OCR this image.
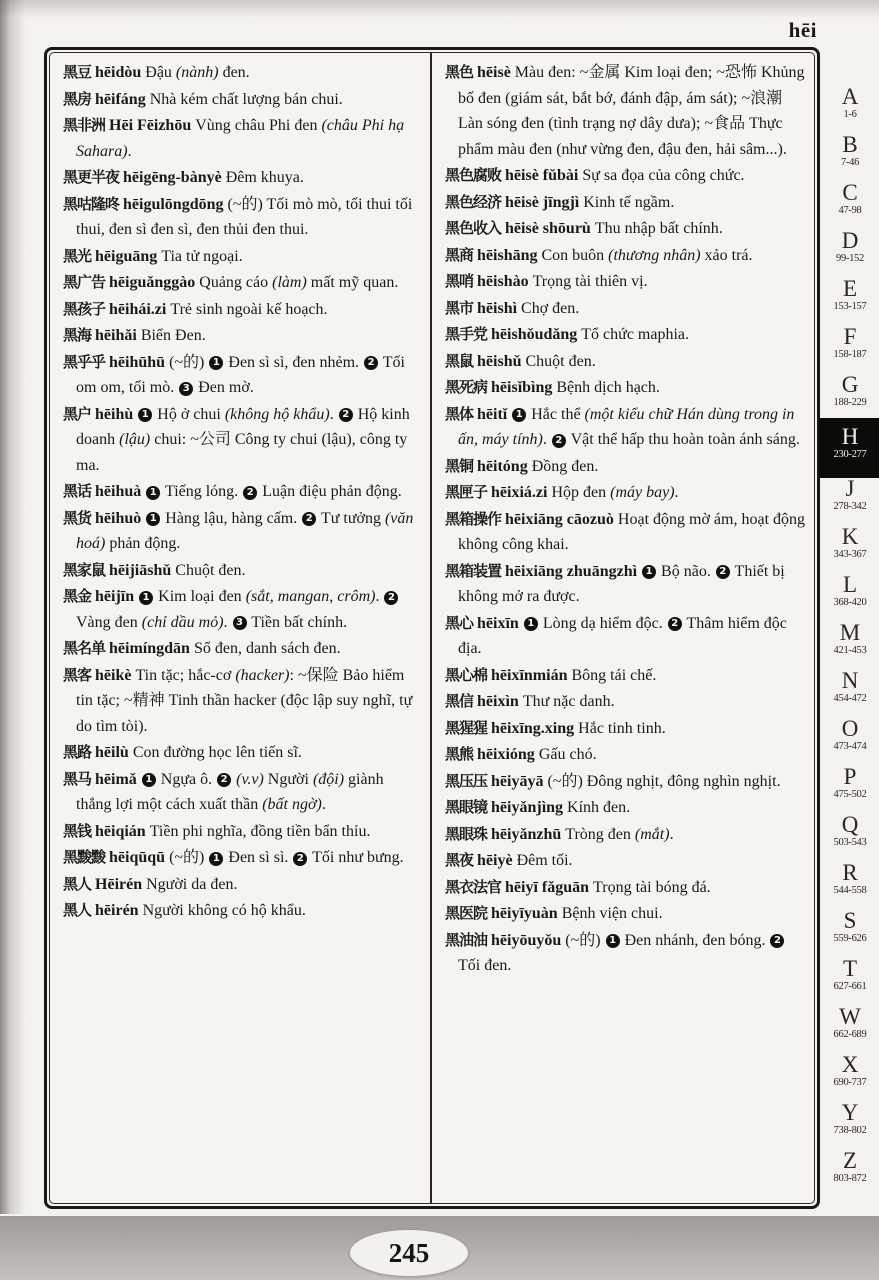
hēi
黑豆 hēidòu Đậu (nành) đen.
黑房 hēifáng Nhà kém chất lượng bán chui.
黑非洲 Hēi Fēizhōu Vùng châu Phi đen (châu Phi hạ Sahara).
黑更半夜 hēigēng-bànyè Đêm khuya.
黑咕隆咚 hēigulōngdōng (~的) Tối mò mò, tối thui tối thui, đen sì đen sì, đen thủi đen thui.
黑光 hēiguāng Tia tử ngoại.
黑广告 hēiguǎnggào Quảng cáo (làm) mất mỹ quan.
黑孩子 hēihái.zi Trẻ sinh ngoài kế hoạch.
黑海 hēihǎi Biển Đen.
黑乎乎 hēihūhū (~的) 1 Đen sì sì, đen nhẻm. 2 Tối om om, tối mò. 3 Đen mờ.
黑户 hēihù 1 Hộ ở chui (không hộ khẩu). 2 Hộ kinh doanh (lậu) chui: ~公司 Công ty chui (lậu), công ty ma.
黑话 hēihuà 1 Tiếng lóng. 2 Luận điệu phản động.
黑货 hēihuò 1 Hàng lậu, hàng cấm. 2 Tư tưởng (văn hoá) phản động.
黑家鼠 hēijiāshǔ Chuột đen.
黑金 hēijīn 1 Kim loại đen (sắt, mangan, crôm). 2 Vàng đen (chỉ dầu mỏ). 3 Tiền bất chính.
黑名单 hēimíngdān Sổ đen, danh sách đen.
黑客 hēikè Tin tặc; hắc-cơ (hacker): ~保险 Bảo hiểm tin tặc; ~精神 Tinh thần hacker (độc lập suy nghĩ, tự do tìm tòi).
黑路 hēilù Con đường học lên tiến sĩ.
黑马 hēimǎ 1 Ngựa ô. 2 (v.v) Người (đội) giành thắng lợi một cách xuất thần (bất ngờ).
黑钱 hēiqián Tiền phi nghĩa, đồng tiền bẩn thỉu.
黑黢黢 hēiqūqū (~的) 1 Đen sì sì. 2 Tối như bưng.
黑人 Hēirén Người da đen.
黑人 hēirén Người không có hộ khẩu.
黑色 hēisè Màu đen: ~金属 Kim loại đen; ~恐怖 Khủng bố đen (giám sát, bắt bớ, đánh đập, ám sát); ~浪潮 Làn sóng đen (tình trạng nợ dây dưa); ~食品 Thực phẩm màu đen (như vừng đen, đậu đen, hải sâm...).
黑色腐败 hēisè fǔbài Sự sa đọa của công chức.
黑色经济 hēisè jīngjì Kinh tế ngầm.
黑色收入 hēisè shōurù Thu nhập bất chính.
黑商 hēishāng Con buôn (thương nhân) xảo trá.
黑哨 hēishào Trọng tài thiên vị.
黑市 hēishì Chợ đen.
黑手党 hēishǒudǎng Tổ chức maphia.
黑鼠 hēishǔ Chuột đen.
黑死病 hēisǐbìng Bệnh dịch hạch.
黑体 hēitǐ 1 Hắc thể (một kiểu chữ Hán dùng trong in ấn, máy tính). 2 Vật thể hấp thu hoàn toàn ánh sáng.
黑铜 hēitóng Đồng đen.
黑匣子 hēixiá.zi Hộp đen (máy bay).
黑箱操作 hēixiāng cāozuò Hoạt động mờ ám, hoạt động không công khai.
黑箱装置 hēixiāng zhuāngzhì 1 Bộ não. 2 Thiết bị không mở ra được.
黑心 hēixīn 1 Lòng dạ hiểm độc. 2 Thâm hiểm độc địa.
黑心棉 hēixīnmián Bông tái chế.
黑信 hēixìn Thư nặc danh.
黑猩猩 hēixīng.xing Hắc tinh tinh.
黑熊 hēixióng Gấu chó.
黑压压 hēiyāyā (~的) Đông nghịt, đông nghìn nghịt.
黑眼镜 hēiyǎnjìng Kính đen.
黑眼珠 hēiyǎnzhū Tròng đen (mắt).
黑夜 hēiyè Đêm tối.
黑衣法官 hēiyī fǎguān Trọng tài bóng đá.
黑医院 hēiyīyuàn Bệnh viện chui.
黑油油 hēiyōuyǒu (~的) 1 Đen nhánh, đen bóng. 2 Tối đen.
A
1-6
B
7-46
C
47-98
D
99-152
E
153-157
F
158-187
G
188-229
H
230-277
J
278-342
K
343-367
L
368-420
M
421-453
N
454-472
O
473-474
P
475-502
Q
503-543
R
544-558
S
559-626
T
627-661
W
662-689
X
690-737
Y
738-802
Z
803-872
245
